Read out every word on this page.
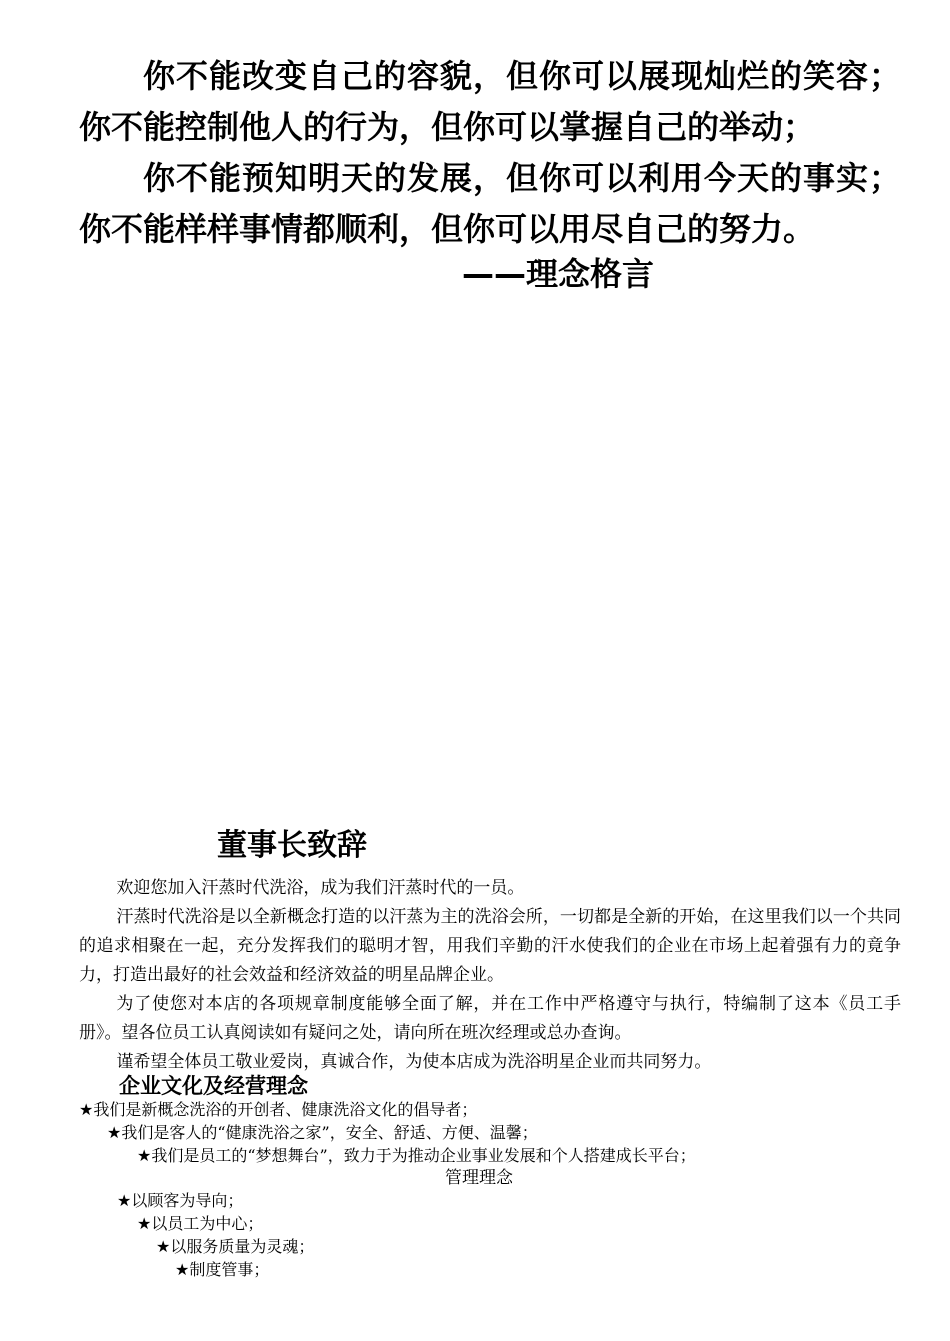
你不能改变自己的容貌，但你可以展现灿烂的笑容；你不能控制他人的行为，但你可以掌握自己的举动；

你不能预知明天的发展，但你可以利用今天的事实；你不能样样事情都顺利，但你可以用尽自己的努力。

——理念格言
董事长致辞

欢迎您加入汗蒸时代洗浴，成为我们汗蒸时代的一员。

汗蒸时代洗浴是以全新概念打造的以汗蒸为主的洗浴会所，一切都是全新的开始，在这里我们以一个共同的追求相聚在一起，充分发挥我们的聪明才智，用我们辛勤的汗水使我们的企业在市场上起着强有力的竟争力，打造出最好的社会效益和经济效益的明星品牌企业。

为了使您对本店的各项规章制度能够全面了解，并在工作中严格遵守与执行，特编制了这本《员工手册》。望各位员工认真阅读如有疑问之处，请向所在班次经理或总办查询。

谨希望全体员工敬业爱岗，真诚合作，为使本店成为洗浴明星企业而共同努力。

企业文化及经营理念
★我们是新概念洗浴的开创者、健康洗浴文化的倡导者；
★我们是客人的“健康洗浴之家”，安全、舒适、方便、温馨；
★我们是员工的“梦想舞台”，致力于为推动企业事业发展和个人搭建成长平台；
管理理念
★以顾客为导向；
★以员工为中心；
★以服务质量为灵魂；
★制度管事；
